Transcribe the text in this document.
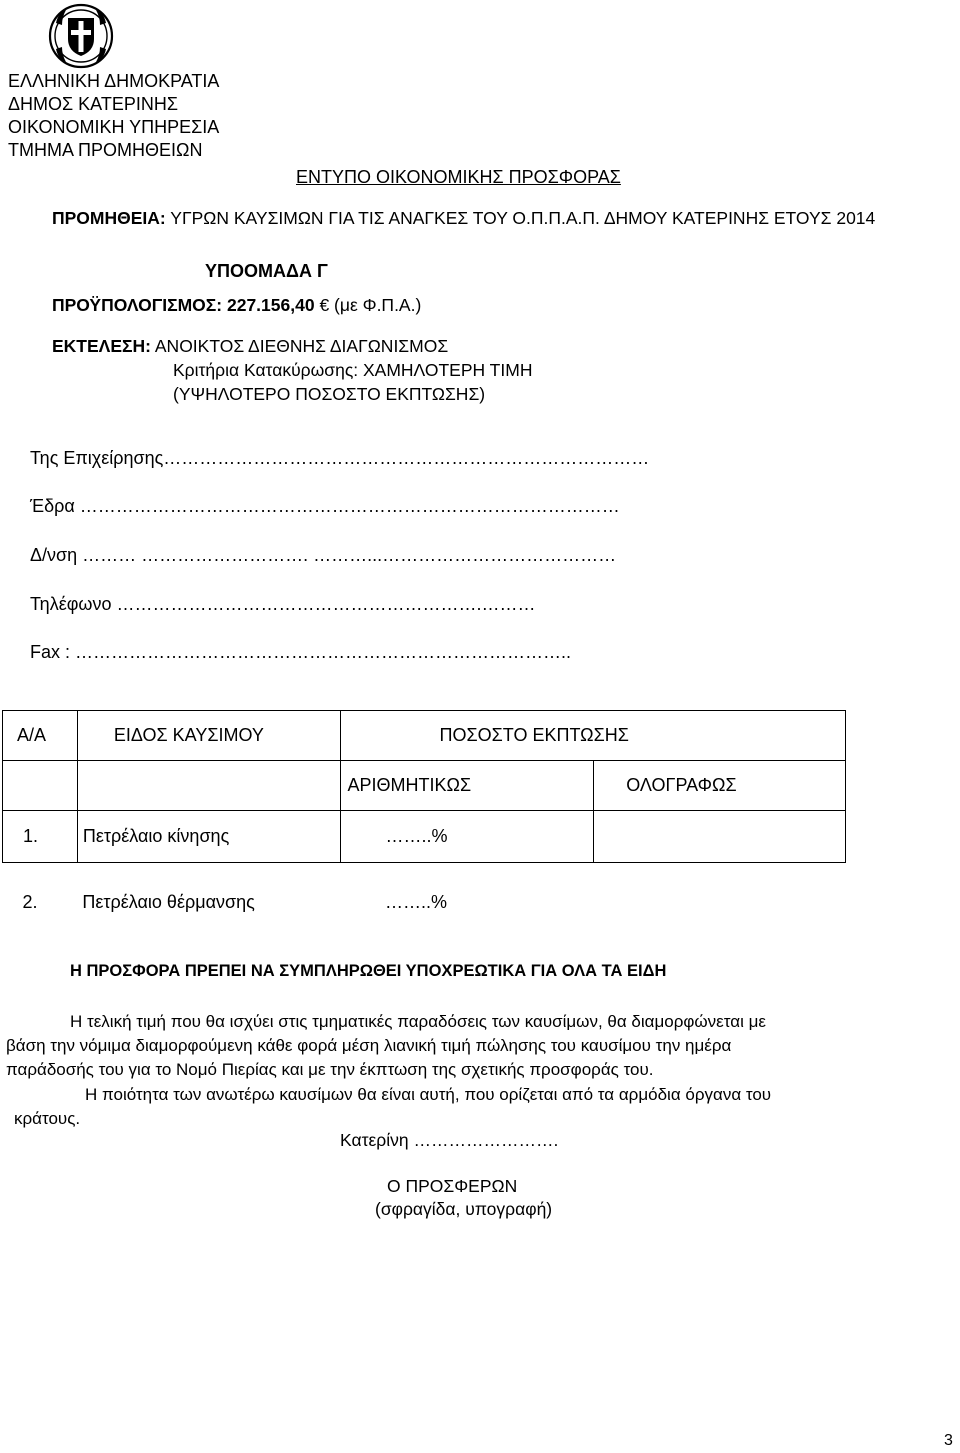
ΕΛΛΗΝΙΚΗ ΔΗΜΟΚΡΑΤΙΑ
ΔΗΜΟΣ ΚΑΤΕΡΙΝΗΣ
ΟΙΚΟΝΟΜΙΚΗ ΥΠΗΡΕΣΙΑ
ΤΜΗΜΑ ΠΡΟΜΗΘΕΙΩΝ
ΕΝΤΥΠΟ ΟΙΚΟΝΟΜΙΚΗΣ ΠΡΟΣΦΟΡΑΣ
ΠΡΟΜΗΘΕΙΑ: ΥΓΡΩΝ ΚΑΥΣΙΜΩΝ ΓΙΑ ΤΙΣ ΑΝΑΓΚΕΣ ΤΟΥ Ο.Π.Π.Α.Π. ΔΗΜΟΥ ΚΑΤΕΡΙΝΗΣ ΕΤΟΥΣ 2014
ΥΠΟΟΜΑΔΑ Γ
ΠΡΟΫΠΟΛΟΓΙΣΜΟΣ: 227.156,40 € (με Φ.Π.Α.)
ΕΚΤΕΛΕΣΗ: ΑΝΟΙΚΤΟΣ ΔΙΕΘΝΗΣ ΔΙΑΓΩΝΙΣΜΟΣ
Κριτήρια Κατακύρωσης: ΧΑΜΗΛΟΤΕΡΗ ΤΙΜΗ
(ΥΨΗΛΟΤΕΡΟ ΠΟΣΟΣΤΟ ΕΚΠΤΩΣΗΣ)
Της Επιχείρησης………………………………………………………………………
Έδρα ………………………………………………………………………………
Δ/νση ……… ………………………. ………...…………………………………
Τηλέφωνο …………………………………………………….………
Fax : ………………………………………………………………………..
Α/Α	ΕΙΔΟΣ ΚΑΥΣΙΜΟΥ	ΠΟΣΟΣΤΟ ΕΚΠΤΩΣΗΣ	
		ΑΡΙΘΜΗΤΙΚΩΣ	ΟΛΟΓΡΑΦΩΣ
1.	Πετρέλαιο κίνησης	……..%	
2.	Πετρέλαιο θέρμανσης	……..%	
Η ΠΡΟΣΦΟΡΑ ΠΡΕΠΕΙ ΝΑ ΣΥΜΠΛΗΡΩΘΕΙ ΥΠΟΧΡΕΩΤΙΚΑ ΓΙΑ ΟΛΑ ΤΑ ΕΙΔΗ
Η τελική τιμή που θα ισχύει στις τμηματικές παραδόσεις των καυσίμων, θα διαμορφώνεται με
βάση την νόμιμα διαμορφούμενη κάθε φορά μέση λιανική τιμή πώλησης του καυσίμου την ημέρα
παράδοσής του για το Νομό Πιερίας και με την έκπτωση της σχετικής προσφοράς του.
Η ποιότητα των ανωτέρω καυσίμων θα είναι αυτή, που ορίζεται από τα αρμόδια όργανα του
κράτους.
Κατερίνη …………………….
Ο ΠΡΟΣΦΕΡΩΝ
(σφραγίδα, υπογραφή)
3
